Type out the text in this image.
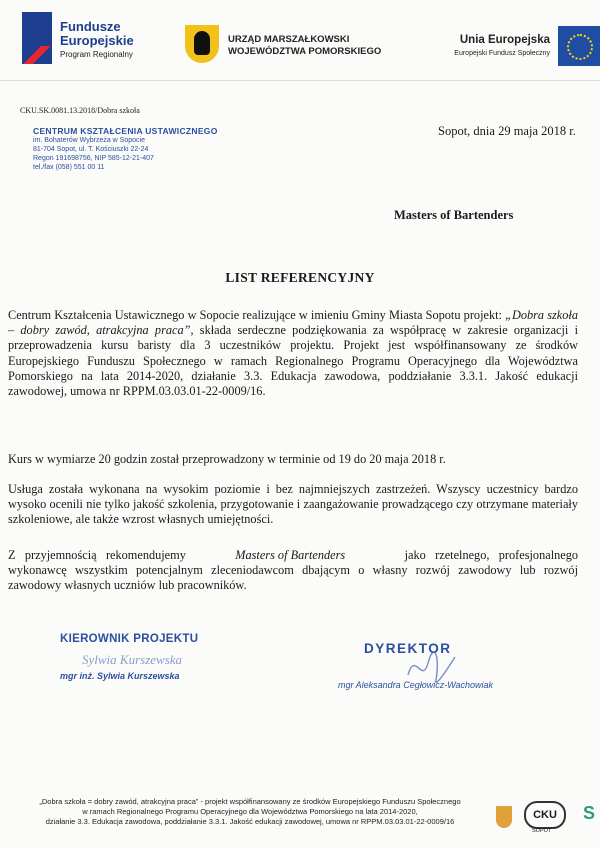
Fundusze
Europejskie
Program Regionalny
URZĄD MARSZAŁKOWSKI
WOJEWÓDZTWA POMORSKIEGO
Unia Europejska
Europejski Fundusz Społeczny
CKU.SK.0081.13.2018/Dobra szkoła
CENTRUM KSZTAŁCENIA USTAWICZNEGO
im. Bohaterów Wybrzeża w Sopocie
81-704 Sopot, ul. T. Kościuszki 22-24
Regon 191698756, NIP 585-12-21-407
tel./fax (058) 551 00 11
Sopot, dnia 29 maja 2018 r.
Masters of Bartenders
LIST REFERENCYJNY
Centrum Kształcenia Ustawicznego w Sopocie realizujące w imieniu Gminy Miasta Sopotu projekt: „Dobra szkoła – dobry zawód, atrakcyjna praca”, składa serdeczne podziękowania za współpracę w zakresie organizacji i przeprowadzenia kursu baristy dla 3 uczestników projektu. Projekt jest współfinansowany ze środków Europejskiego Funduszu Społecznego w ramach Regionalnego Programu Operacyjnego dla Województwa Pomorskiego na lata 2014-2020, działanie 3.3. Edukacja zawodowa, poddziałanie 3.3.1. Jakość edukacji zawodowej, umowa nr RPPM.03.03.01-22-0009/16.
Kurs w wymiarze 20 godzin został przeprowadzony w terminie od 19 do 20 maja 2018 r.
Usługa została wykonana na wysokim poziomie i bez najmniejszych zastrzeżeń. Wszyscy uczestnicy bardzo wysoko ocenili nie tylko jakość szkolenia, przygotowanie i zaangażowanie prowadzącego czy otrzymane materiały szkoleniowe, ale także wzrost własnych umiejętności.
Z przyjemnością rekomendujemy	Masters of Bartenders	jako rzetelnego, profesjonalnego wykonawcę wszystkim potencjalnym zleceniodawcom dbającym o własny rozwój zawodowy lub rozwój zawodowy własnych uczniów lub pracowników.
KIEROWNIK PROJEKTU
Sylwia Kurszewska
mgr inż. Sylwia Kurszewska
DYREKTOR
mgr Aleksandra Cegłowicz-Wachowiak
„Dobra szkoła = dobry zawód, atrakcyjna praca” - projekt współfinansowany ze środków Europejskiego Funduszu Społecznego
w ramach Regionalnego Programu Operacyjnego dla Województwa Pomorskiego na lata 2014-2020,
działanie 3.3. Edukacja zawodowa, poddziałanie 3.3.1. Jakość edukacji zawodowej, umowa nr RPPM.03.03.01-22-0009/16
CKU
SOPOT
S
